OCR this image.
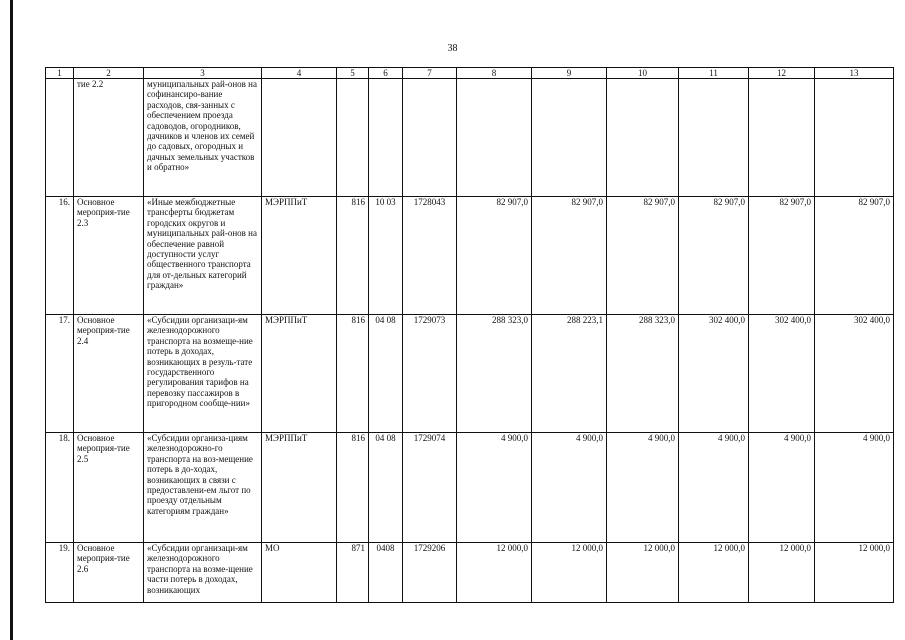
38
1	2	3	4	5	6	7	8	9	10	11	12	13
	тие 2.2	муниципальных рай-онов на софинансиро-вание расходов, свя-занных с обеспечением проезда садоводов, огородников, дачников и членов их семей до садовых, огородных и дачных земельных участков и обратно»										
16.	Основное мероприя-тие 2.3	«Иные межбюджетные трансферты бюджетам городских округов и муниципальных рай-онов на обеспечение равной доступности услуг общественного транспорта для от-дельных категорий граждан»	МЭРППиТ	816	10 03	1728043	82 907,0	82 907,0	82 907,0	82 907,0	82 907,0	82 907,0
17.	Основное мероприя-тие 2.4	«Субсидии организаци-ям железнодорожного транспорта на возмеще-ние потерь в доходах, возникающих в резуль-тате государственного регулирования тарифов на перевозку пассажиров в пригородном сообще-нии»	МЭРППиТ	816	04 08	1729073	288 323,0	288 223,1	288 323,0	302 400,0	302 400,0	302 400,0
18.	Основное мероприя-тие 2.5	«Субсидии организа-циям железнодорожно-го транспорта на воз-мещение потерь в до-ходах, возникающих в связи с предоставлени-ем льгот по проезду отдельным категориям граждан»	МЭРППиТ	816	04 08	1729074	4 900,0	4 900,0	4 900,0	4 900,0	4 900,0	4 900,0
19.	Основное мероприя-тие 2.6	«Субсидии организаци-ям железнодорожного транспорта на возме-щение части потерь в доходах, возникающих	МО	871	0408	1729206	12 000,0	12 000,0	12 000,0	12 000,0	12 000,0	12 000,0
